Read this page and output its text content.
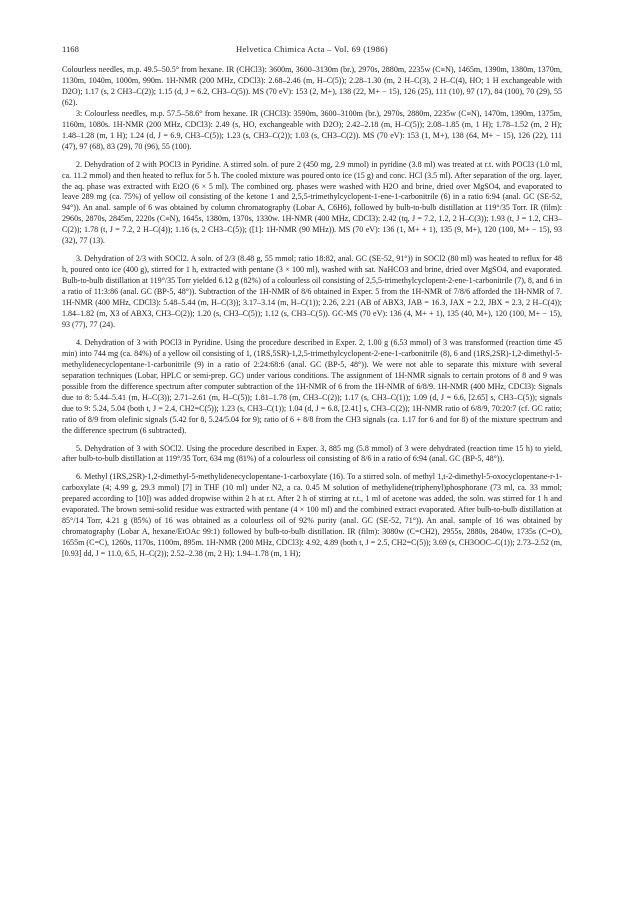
1168	Helvetica Chimica Acta – Vol. 69 (1986)

Colourless needles, m.p. 49.5–50.5° from hexane. IR (CHCl3): 3600m, 3600–3130m (br.), 2970s, 2880m, 2235w (C≡N), 1465m, 1390m, 1380m, 1370m, 1130m, 1040m, 1000m, 990m. 1H-NMR (200 MHz, CDCl3): 2.68–2.46 (m, H–C(5)); 2.28–1.30 (m, 2 H–C(3), 2 H–C(4), HO; 1 H exchangeable with D2O); 1.17 (s, 2 CH3–C(2)); 1.15 (d, J = 6.2, CH3–C(5)). MS (70 eV): 153 (2, M+), 138 (22, M+ − 15), 126 (25), 111 (10), 97 (17), 84 (100), 70 (29), 55 (62).

3: Colourless needles, m.p. 57.5–58.6° from hexane. IR (CHCl3): 3590m, 3600–3100m (br.), 2970s, 2880m, 2235w (C≡N), 1470m, 1390m, 1375m, 1160m, 1080s. 1H-NMR (200 MHz, CDCl3): 2.49 (s, HO, exchangeable with D2O); 2.42–2.18 (m, H–C(5)); 2.08–1.85 (m, 1 H); 1.78–1.52 (m, 2 H); 1.48–1.28 (m, 1 H); 1.24 (d, J = 6.9, CH3–C(5)); 1.23 (s, CH3–C(2)); 1.03 (s, CH3–C(2)). MS (70 eV): 153 (1, M+), 138 (64, M+ − 15), 126 (22), 111 (47), 97 (68), 83 (29), 70 (96), 55 (100).

2. Dehydration of 2 with POCl3 in Pyridine. A stirred soln. of pure 2 (450 mg, 2.9 mmol) in pyridine (3.8 ml) was treated at r.t. with POCl3 (1.0 ml, ca. 11.2 mmol) and then heated to reflux for 5 h. The cooled mixture was poured onto ice (15 g) and conc. HCl (3.5 ml). After separation of the org. layer, the aq. phase was extracted with Et2O (6 × 5 ml). The combined org. phases were washed with H2O and brine, dried over MgSO4, and evaporated to leave 289 mg (ca. 75%) of yellow oil consisting of the ketone 1 and 2,5,5-trimethylcyclopent-1-ene-1-carbonitrile (6) in a ratio 6:94 (anal. GC (SE-52, 94°)). An anal. sample of 6 was obtained by column chromatography (Lobar A, C6H6), followed by bulb-to-bulb distillation at 119°/35 Torr. IR (film): 2960s, 2870s, 2845m, 2220s (C≡N), 1645s, 1380m, 1370s, 1330w. 1H-NMR (400 MHz, CDCl3): 2.42 (tq, J = 7.2, 1.2, 2 H–C(3)); 1.93 (t, J = 1.2, CH3–C(2)); 1.78 (t, J = 7.2, 2 H–C(4)); 1.16 (s, 2 CH3–C(5)); ([1]: 1H-NMR (90 MHz)). MS (70 eV): 136 (1, M+ + 1), 135 (9, M+), 120 (100, M+ − 15), 93 (32), 77 (13).

3. Dehydration of 2/3 with SOCl2. A soln. of 2/3 (8.48 g, 55 mmol; ratio 18:82, anal. GC (SE-52, 91°)) in SOCl2 (80 ml) was heated to reflux for 48 h, poured onto ice (400 g), stirred for 1 h, extracted with pentane (3 × 100 ml), washed with sat. NaHCO3 and brine, dried over MgSO4, and evaporated. Bulb-to-bulb distillation at 119°/35 Torr yielded 6.12 g (82%) of a colourless oil consisting of 2,5,5-trimethylcyclopent-2-ene-1-carbonitrile (7), 8, and 6 in a ratio of 11:3:86 (anal. GC (BP-5, 48°)). Subtraction of the 1H-NMR of 8/6 obtained in Exper. 5 from the 1H-NMR of 7/8/6 afforded the 1H-NMR of 7. 1H-NMR (400 MHz, CDCl3): 5.48–5.44 (m, H–C(3)); 3.17–3.14 (m, H–C(1)); 2.26, 2.21 (AB of ABX3, JAB = 16.3, JAX = 2.2, JBX = 2.3, 2 H–C(4)); 1.84–1.82 (m, X3 of ABX3, CH3–C(2)); 1.20 (s, CH3–C(5)); 1.12 (s, CH3–C(5)). GC-MS (70 eV): 136 (4, M+ + 1), 135 (40, M+), 120 (100, M+ − 15), 93 (77), 77 (24).

4. Dehydration of 3 with POCl3 in Pyridine. Using the procedure described in Exper. 2, 1.00 g (6.53 mmol) of 3 was transformed (reaction time 45 min) into 744 mg (ca. 84%) of a yellow oil consisting of 1, (1RS,5SR)-1,2,5-trimethylcyclopent-2-ene-1-carbonitrile (8), 6 and (1RS,2SR)-1,2-dimethyl-5-methylidenecyclopentane-1-carbonitrile (9) in a ratio of 2:24:68:6 (anal. GC (BP-5, 48°)). We were not able to separate this mixture with several separation techniques (Lobar, HPLC or semi-prep. GC) under various conditions. The assignment of 1H-NMR signals to certain protons of 8 and 9 was possible from the difference spectrum after computer subtraction of the 1H-NMR of 6 from the 1H-NMR of 6/8/9. 1H-NMR (400 MHz, CDCl3): Signals due to 8: 5.44–5.41 (m, H–C(3)); 2.71–2.61 (m, H–C(5)); 1.81–1.78 (m, CH3–C(2)); 1.17 (s, CH3–C(1)); 1.09 (d, J = 6.6, [2.65] s, CH3–C(5)); signals due to 9: 5.24, 5.04 (both t, J = 2.4, CH2=C(5)); 1.23 (s, CH3–C(1)); 1.04 (d, J = 6.8, [2.41] s, CH3–C(2)); 1H-NMR ratio of 6/8/9, 70:20:7 (cf. GC ratio; ratio of 8/9 from olefinic signals (5.42 for 8, 5.24/5.04 for 9); ratio of 6 + 8/8 from the CH3 signals (ca. 1.17 for 6 and for 8) of the mixture spectrum and the difference spectrum (6 subtracted).

5. Dehydration of 3 with SOCl2. Using the procedure described in Exper. 3, 885 mg (5.8 mmol) of 3 were dehydrated (reaction time 15 h) to yield, after bulb-to-bulb distillation at 119°/35 Torr, 634 mg (81%) of a colourless oil consisting of 8/6 in a ratio of 6:94 (anal. GC (BP-5, 48°)).

6. Methyl (1RS,2SR)-1,2-dimethyl-5-methylidenecyclopentane-1-carboxylate (16). To a stirred soln. of methyl 1,t-2-dimethyl-5-oxocyclopentane-r-1-carboxylate (4; 4.99 g, 29.3 mmol) [7] in THF (10 ml) under N2, a ca. 0.45 M solution of methylidene(triphenyl)phosphorane (73 ml, ca. 33 mmol; prepared according to [10]) was added dropwise within 2 h at r.t. After 2 h of stirring at r.t., 1 ml of acetone was added, the soln. was stirred for 1 h and evaporated. The brown semi-solid residue was extracted with pentane (4 × 100 ml) and the combined extract evaporated. After bulb-to-bulb distillation at 85°/14 Torr, 4.21 g (85%) of 16 was obtained as a colourless oil of 92% purity (anal. GC (SE-52, 71°)). An anal. sample of 16 was obtained by chromatography (Lobar A, hexane/EtOAc 99:1) followed by bulb-to-bulb distillation. IR (film): 3080w (C=CH2), 2955s, 2880s, 2840w, 1735s (C=O), 1655m (C=C), 1260s, 1170s, 1100m, 895m. 1H-NMR (200 MHz, CDCl3): 4.92, 4.89 (both t, J = 2.5, CH2=C(5)); 3.69 (s, CH3OOC–C(1)); 2.73–2.52 (m, [0.93] dd, J = 11.0, 6.5, H–C(2)); 2.52–2.38 (m, 2 H); 1.94–1.78 (m, 1 H);
